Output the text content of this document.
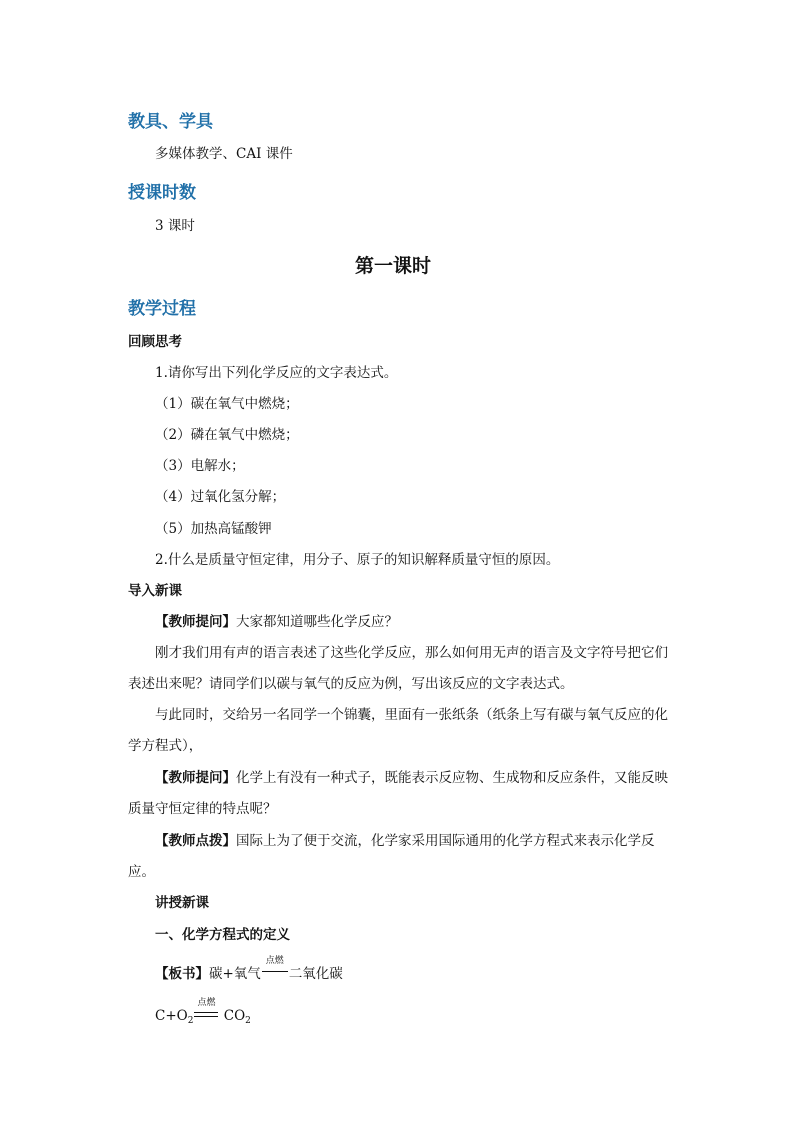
教具、学具
多媒体教学、CAI 课件
授课时数
3 课时
第一课时
教学过程
回顾思考
1.请你写出下列化学反应的文字表达式。
（1）碳在氧气中燃烧；
（2）磷在氧气中燃烧；
（3）电解水；
（4）过氧化氢分解；
（5）加热高锰酸钾
2.什么是质量守恒定律，用分子、原子的知识解释质量守恒的原因。
导入新课
【教师提问】大家都知道哪些化学反应？
刚才我们用有声的语言表述了这些化学反应，那么如何用无声的语言及文字符号把它们表述出来呢？请同学们以碳与氧气的反应为例，写出该反应的文字表达式。
与此同时，交给另一名同学一个锦囊，里面有一张纸条（纸条上写有碳与氧气反应的化学方程式），
【教师提问】化学上有没有一种式子，既能表示反应物、生成物和反应条件，又能反映质量守恒定律的特点呢？
【教师点拨】国际上为了便于交流，化学家采用国际通用的化学方程式来表示化学反应。
讲授新课
一、化学方程式的定义
【板书】碳+氧气
点燃
二氧化碳
$C+O_2$
点燃
$CO_2$
